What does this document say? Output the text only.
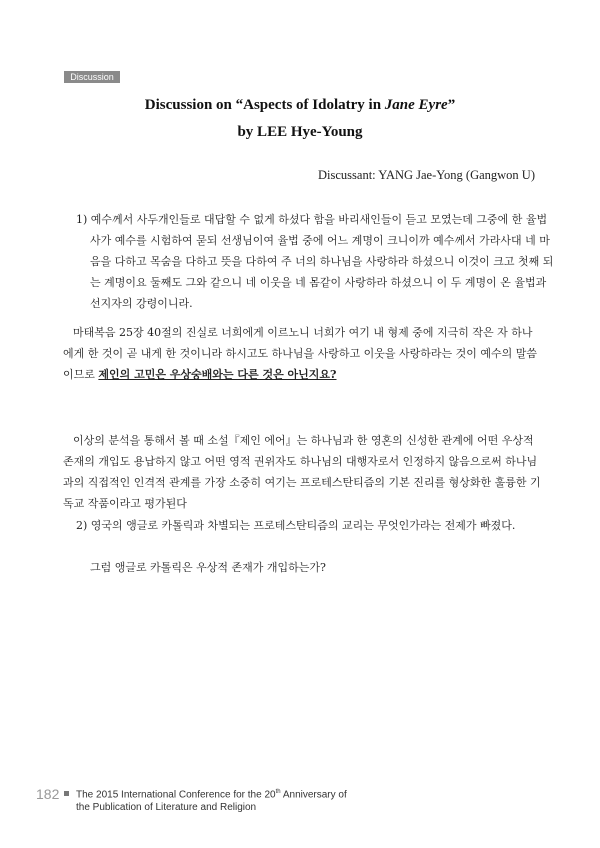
Discussion
Discussion on “Aspects of Idolatry in Jane Eyre”
by LEE Hye-Young
Discussant: YANG Jae-Yong (Gangwon U)
1) 예수께서 사두개인들로 대답할 수 없게 하셨다 함을 바리새인들이 듣고 모였는데 그중에 한 율법사가 예수를 시험하여 묻되 선생님이여 율법 중에 어느 계명이 크니이까 예수께서 가라사대 네 마음을 다하고 목숨을 다하고 뜻을 다하여 주 너의 하나님을 사랑하라 하셨으니 이것이 크고 첫째 되는 계명이요 둘째도 그와 같으니 네 이웃을 네 몸같이 사랑하라 하셨으니 이 두 계명이 온 율법과 선지자의 강령이니라.
마태복음 25장 40절의 진실로 너희에게 이르노니 너희가 여기 내 형제 중에 지극히 작은 자 하나에게 한 것이 곧 내게 한 것이니라 하시고도 하나님을 사랑하고 이웃을 사랑하라는 것이 예수의 말씀이므로 제인의 고민은 우상숭배와는 다른 것은 아닌지요?
이상의 분석을 통해서 볼 때 소설『제인 에어』는 하나님과 한 영혼의 신성한 관계에 어떤 우상적 존재의 개입도 용납하지 않고 어떤 영적 권위자도 하나님의 대행자로서 인정하지 않음으로써 하나님과의 직접적인 인격적 관계를 가장 소중히 여기는 프로테스탄티즘의 기본 진리를 형상화한 훌륭한 기독교 작품이라고 평가된다
2) 영국의 앵글로 카톨릭과 차별되는 프로테스탄티즘의 교리는 무엇인가라는 전제가 빠졌다.
그럼 앵글로 카톨릭은 우상적 존재가 개입하는가?
182 The 2015 International Conference for the 20th Anniversary of
the Publication of Literature and Religion
